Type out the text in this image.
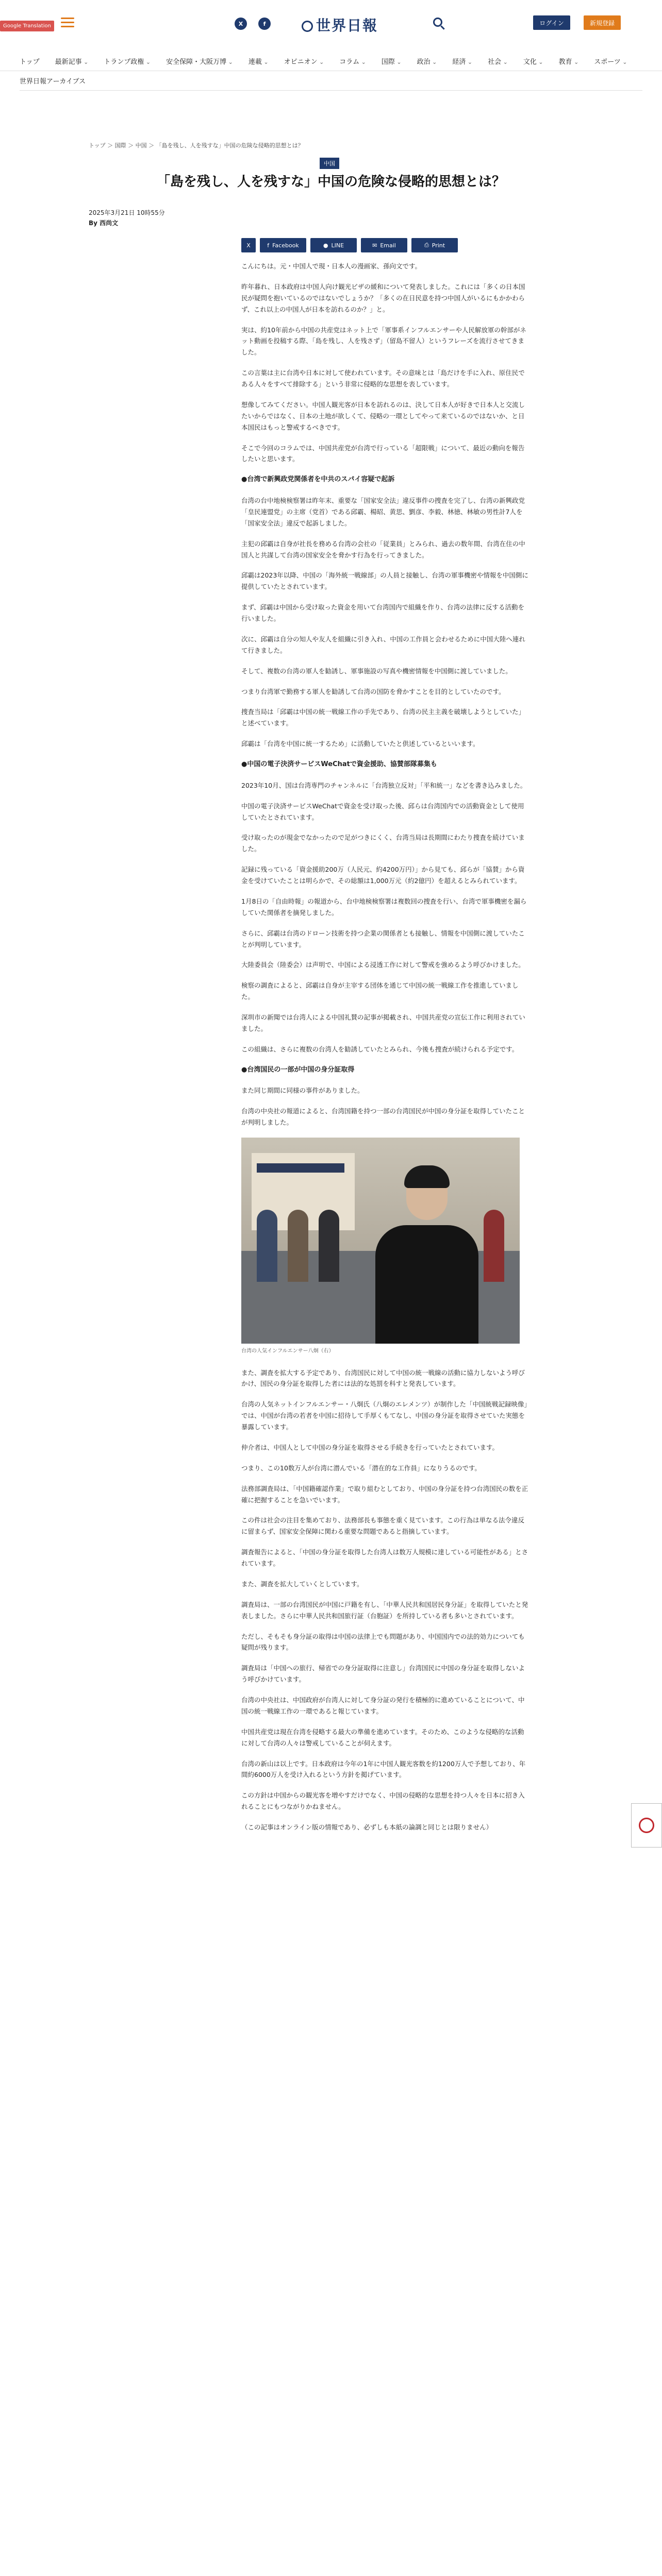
Google Translation	X	f	世界日報	ログイン	新規登録
トップ	最新記事 ⌄	トランプ政権 ⌄	安全保障・大阪万博 ⌄	連載 ⌄	オピニオン ⌄	コラム ⌄	国際 ⌄	政治 ⌄	経済 ⌄	社会 ⌄	文化 ⌄	教育 ⌄	スポーツ ⌄
世界日報アーカイブス
トップ ＞ 国際 ＞ 中国 ＞ 「島を残し、人を残すな」中国の危険な侵略的思想とは？
中国
「島を残し、人を残すな」中国の危険な侵略的思想とは？
2025年3月21日 10時55分
By 西尚文
X	f Facebook	● LINE	✉ Email	⎙ Print

こんにちは。元・中国人で現・日本人の漫画家、孫向文です。

昨年暮れ、日本政府は中国人向け観光ビザの緩和について発表しました。これには「多くの日本国民が疑問を抱いているのではないでしょうか？「多くの在日民意を持つ中国人がいるにもかかわらず、これ以上の中国人が日本を訪れるのか？」と。

実は、約10年前から中国の共産党はネット上で「軍事系インフルエンサーや人民解放軍の幹部がネット動画を投稿する際、「島を残し、人を残さず」（留島不留人）というフレーズを流行させてきました。

この言葉は主に台湾や日本に対して使われています。その意味とは「島だけを手に入れ、原住民である人々をすべて排除する」という非常に侵略的な思想を表しています。

想像してみてください。中国人観光客が日本を訪れるのは、決して日本人が好きで日本人と交流したいからではなく、日本の土地が欲しくて、侵略の一環としてやって来ているのではないか、と日本国民はもっと警戒するべきです。

そこで今回のコラムでは、中国共産党が台湾で行っている「超限戦」について、最近の動向を報告したいと思います。

●台湾で新興政党関係者を中共のスパイ容疑で起訴

台湾の台中地検検察署は昨年末、重要な「国家安全法」違反事件の捜査を完了し、台湾の新興政党「皇民連盟党」の主席（党首）である邱霸、楊昭、黄思、劉彦、李毅、林徳、林敏の男性計7人を「国家安全法」違反で起訴しました。

主犯の邱霸は自身が社長を務める台湾の会社の「従業員」とみられ、過去の数年間、台湾在住の中国人と共謀して台湾の国家安全を脅かす行為を行ってきました。

邱霸は2023年以降、中国の「海外統一戦線部」の人員と接触し、台湾の軍事機密や情報を中国側に提供していたとされています。

まず、邱霸は中国から受け取った資金を用いて台湾国内で組織を作り、台湾の法律に反する活動を行いました。

次に、邱霸は自分の知人や友人を組織に引き入れ、中国の工作員と会わせるために中国大陸へ連れて行きました。

そして、複数の台湾の軍人を勧誘し、軍事施設の写真や機密情報を中国側に渡していました。

つまり台湾軍で勤務する軍人を勧誘して台湾の国防を脅かすことを目的としていたのです。

捜査当局は「邱霸は中国の統一戦線工作の手先であり、台湾の民主主義を破壊しようとしていた」と述べています。

邱霸は「台湾を中国に統一するため」に活動していたと供述しているといいます。

●中国の電子決済サービスWeChatで資金援助、協賛部隊募集も

2023年10月、国は台湾専門のチャンネルに「台湾独立反対」「平和統一」などを書き込みました。

中国の電子決済サービスWeChatで資金を受け取った後、邱らは台湾国内での活動資金として使用していたとされています。

受け取ったのが現金でなかったので足がつきにくく、台湾当局は長期間にわたり捜査を続けていました。

記録に残っている「資金援助200万（人民元、約4200万円）」から見ても、邱らが「協賛」から資金を受けていたことは明らかで、その総額は1,000万元（約2億円）を超えるとみられています。

1月8日の「自由時報」の報道から、台中地検検察署は複数回の捜査を行い、台湾で軍事機密を漏らしていた関係者を摘発しました。

さらに、邱霸は台湾のドローン技術を持つ企業の関係者とも接触し、情報を中国側に渡していたことが判明しています。

大陸委員会（陸委会）は声明で、中国による浸透工作に対して警戒を強めるよう呼びかけました。

検察の調査によると、邱霸は自身が主宰する団体を通じて中国の統一戦線工作を推進していました。

深圳市の新聞では台湾人による中国礼賛の記事が掲載され、中国共産党の宣伝工作に利用されていました。

この組織は、さらに複数の台湾人を勧誘していたとみられ、今後も捜査が続けられる予定です。

●台湾国民の一部が中国の身分証取得

また同じ期間に同様の事件がありました。

台湾の中央社の報道によると、台湾国籍を持つ一部の台湾国民が中国の身分証を取得していたことが判明しました。

台湾の人気インフルエンサー八炯（右）

また、調査を拡大する予定であり、台湾国民に対して中国の統一戦線の活動に協力しないよう呼びかけ、国民の身分証を取得した者には法的な処罰を科すと発表しています。

台湾の人気ネットインフルエンサー・八炯氏（八炯のエレメンツ）が制作した「中国統戦記録映像」では、中国が台湾の若者を中国に招待して手厚くもてなし、中国の身分証を取得させていた実態を暴露しています。

仲介者は、中国人として中国の身分証を取得させる手続きを行っていたとされています。

つまり、この10数万人が台湾に潜んでいる「潜在的な工作員」になりうるのです。

法務部調査局は、「中国籍確認作業」で取り組むとしており、中国の身分証を持つ台湾国民の数を正確に把握することを急いでいます。

この件は社会の注目を集めており、法務部長も事態を重く見ています。この行為は単なる法令違反に留まらず、国家安全保障に関わる重要な問題であると指摘しています。

調査報告によると、「中国の身分証を取得した台湾人は数万人規模に達している可能性がある」とされています。

また、調査を拡大していくとしています。

調査局は、一部の台湾国民が中国に戸籍を有し、「中華人民共和国居民身分証」を取得していたと発表しました。さらに中華人民共和国旅行証（台胞証）を所持している者も多いとされています。

ただし、そもそも身分証の取得は中国の法律上でも問題があり、中国国内での法的効力についても疑問が残ります。

調査局は「中国への旅行、帰省での身分証取得に注意し」台湾国民に中国の身分証を取得しないよう呼びかけています。

台湾の中央社は、中国政府が台湾人に対して身分証の発行を積極的に進めていることについて、中国の統一戦線工作の一環であると報じています。

中国共産党は現在台湾を侵略する最大の準備を進めています。そのため、このような侵略的な活動に対して台湾の人々は警戒していることが伺えます。

台湾の新山は以上です。日本政府は今年の1年に中国人観光客数を約1200万人で予想しており、年間約6000万人を受け入れるという方針を掲げています。

この方針は中国からの観光客を増やすだけでなく、中国の侵略的な思想を持つ人々を日本に招き入れることにもつながりかねません。

（この記事はオンライン版の情報であり、必ずしも本紙の論調と同じとは限りません）
